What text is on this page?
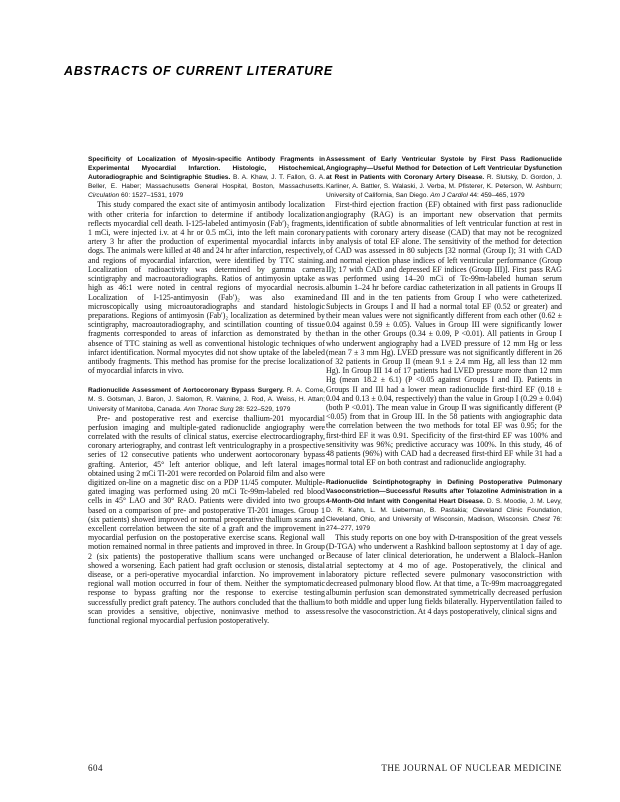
ABSTRACTS OF CURRENT LITERATURE

Specificity of Localization of Myosin-specific Antibody Fragments in Experimental Myocardial Infarction. Histologic, Histochemical, Autoradiographic and Scintigraphic Studies. B. A. Khaw, J. T. Fallon, G. A. Beller, E. Haber; Massachusetts General Hospital, Boston, Massachusetts. Circulation 60: 1527–1531, 1979

This study compared the exact site of antimyosin antibody localization with other criteria for infarction to determine if antibody localization reflects myocardial cell death. I-125-labeled antimyosin (Fab′)₂ fragments, 1 mCi, were injected i.v. at 4 hr or 0.5 mCi, into the left main coronary artery 3 hr after the production of experimental myocardial infarcts in dogs. The animals were killed at 48 and 24 hr after infarction, respectively, and regions of myocardial infarction, were identified by TTC staining. Localization of radioactivity was determined by gamma camera scintigraphy and macroautoradiographs. Ratios of antimyosin uptake as high as 46:1 were noted in central regions of myocardial necrosis. Localization of I-125-antimyosin (Fab′)₂ was also examined microscopically using microautoradiographs and standard histologic preparations. Regions of antimyosin (Fab′)₂ localization as determined by scintigraphy, macroautoradiography, and scintillation counting of tissue fragments corresponded to areas of infarction as demonstrated by the absence of TTC staining as well as conventional histologic techniques of infarct identification. Normal myocytes did not show uptake of the labeled antibody fragments. This method has promise for the precise localization of myocardial infarcts in vivo.

Radionuclide Assessment of Aortocoronary Bypass Surgery. R. A. Corne, M. S. Gotsman, J. Baron, J. Salomon, R. Vaknine, J. Rod, A. Weiss, H. Attan; University of Manitoba, Canada. Ann Thorac Surg 28: 522–529, 1979

Pre- and postoperative rest and exercise thallium-201 myocardial perfusion imaging and multiple-gated radionuclide angiography were correlated with the results of clinical status, exercise electrocardiography, coronary arteriography, and contrast left ventriculography in a prospective series of 12 consecutive patients who underwent aortocoronary bypass grafting. Anterior, 45° left anterior oblique, and left lateral images obtained using 2 mCi Tl-201 were recorded on Polaroid film and also were digitized on-line on a magnetic disc on a PDP 11/45 computer. Multiple-gated imaging was performed using 20 mCi Tc-99m-labeled red blood cells in 45° LAO and 30° RAO. Patients were divided into two groups based on a comparison of pre- and postoperative Tl-201 images. Group 1 (six patients) showed improved or normal preoperative thallium scans and excellent correlation between the site of a graft and the improvement in myocardial perfusion on the postoperative exercise scans. Regional wall motion remained normal in three patients and improved in three. In Group 2 (six patients) the postoperative thallium scans were unchanged or showed a worsening. Each patient had graft occlusion or stenosis, distal disease, or a peri-operative myocardial infarction. No improvement in regional wall motion occurred in four of them. Neither the symptomatic response to bypass grafting nor the response to exercise testing successfully predict graft patency. The authors concluded that the thallium scan provides a sensitive, objective, noninvasive method to assess functional regional myocardial perfusion postoperatively.

Assessment of Early Ventricular Systole by First Pass Radionuclide Angiography—Useful Method for Detection of Left Ventricular Dysfunction at Rest in Patients with Coronary Artery Disease. R. Slutsky, D. Gordon, J. Karliner, A. Battler, S. Walaski, J. Verba, M. Pfisterer, K. Peterson, W. Ashburn; University of California, San Diego. Am J Cardiol 44: 459–465, 1979

First-third ejection fraction (EF) obtained with first pass radionuclide angiography (RAG) is an important new observation that permits identification of subtle abnormalities of left ventricular function at rest in patients with coronary artery disease (CAD) that may not be recognized by analysis of total EF alone. The sensitivity of the method for detection of CAD was assessed in 80 subjects [32 normal (Group I); 31 with CAD and normal ejection phase indices of left ventricular performance (Group II); 17 with CAD and depressed EF indices (Group III)]. First pass RAG was performed using 14–20 mCi of Tc-99m-labeled human serum albumin 1–24 hr before cardiac catheterization in all patients in Groups II and III and in the ten patients from Group I who were catheterized. Subjects in Groups I and II had a normal total EF (0.52 or greater) and their mean values were not significantly different from each other (0.62 ± 0.04 against 0.59 ± 0.05). Values in Group III were significantly lower than in the other Groups (0.34 ± 0.09, P <0.01). All patients in Group I who underwent angiography had a LVED pressure of 12 mm Hg or less (mean 7 ± 3 mm Hg). LVED pressure was not significantly different in 26 of 32 patients in Group II (mean 9.1 ± 2.4 mm Hg, all less than 12 mm Hg). In Group III 14 of 17 patients had LVED pressure more than 12 mm Hg (mean 18.2 ± 6.1) (P <0.05 against Groups I and II). Patients in Groups II and III had a lower mean radionuclide first-third EF (0.18 ± 0.04 and 0.13 ± 0.04, respectively) than the value in Group I (0.29 ± 0.04) (both P <0.01). The mean value in Group II was significantly different (P <0.05) from that in Group III. In the 58 patients with angiographic data the correlation between the two methods for total EF was 0.95; for the first-third EF it was 0.91. Specificity of the first-third EF was 100% and sensitivity was 96%; predictive accuracy was 100%. In this study, 46 of 48 patients (96%) with CAD had a decreased first-third EF while 31 had a normal total EF on both contrast and radionuclide angiography.

Radionuclide Scintiphotography in Defining Postoperative Pulmonary Vasoconstriction—Successful Results after Tolazoline Administration in a 4-Month-Old Infant with Congenital Heart Disease. D. S. Moodie, J. M. Levy, D. R. Kahn, L. M. Lieberman, B. Pastakia; Cleveland Clinic Foundation, Cleveland, Ohio, and University of Wisconsin, Madison, Wisconsin. Chest 76: 274–277, 1979

This study reports on one boy with D-transposition of the great vessels (D-TGA) who underwent a Rashkind balloon septostomy at 1 day of age. Because of later clinical deterioration, he underwent a Blalock–Hanlon atrial septectomy at 4 mo of age. Postoperatively, the clinical and laboratory picture reflected severe pulmonary vasoconstriction with decreased pulmonary blood flow. At that time, a Tc-99m macroaggregated albumin perfusion scan demonstrated symmetrically decreased perfusion to both middle and upper lung fields bilaterally. Hyperventilation failed to resolve the vasoconstriction. At 4 days postoperatively, clinical signs and

604	THE JOURNAL OF NUCLEAR MEDICINE
